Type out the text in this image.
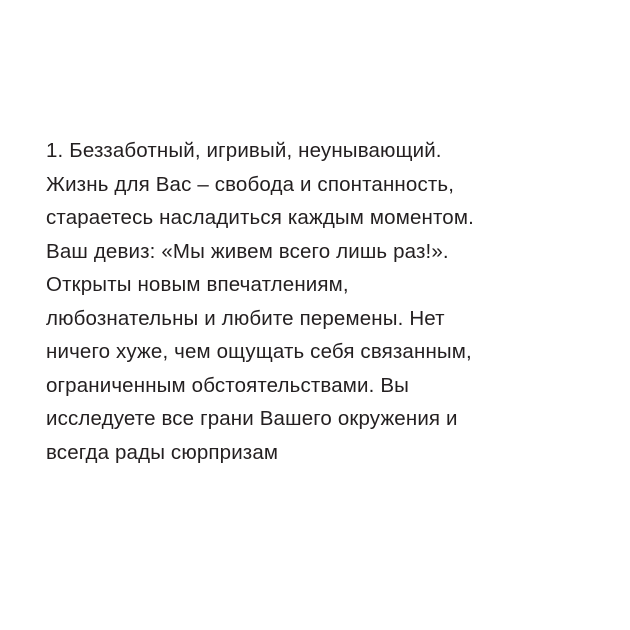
1. Беззаботный, игривый, неунывающий.
Жизнь для Вас – свобода и спонтанность,
стараетесь насладиться каждым моментом.
Ваш девиз: «Мы живем всего лишь раз!».
Открыты новым впечатлениям,
любознательны и любите перемены. Нет
ничего хуже, чем ощущать себя связанным,
ограниченным обстоятельствами. Вы
исследуете все грани Вашего окружения и
всегда рады сюрпризам
